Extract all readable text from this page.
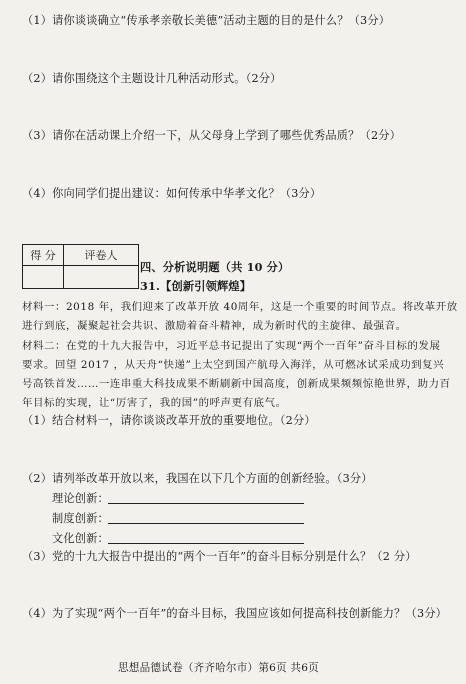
（1）请你谈谈确立“传承孝亲敬长美德”活动主题的目的是什么？（3分）
（2）请你围绕这个主题设计几种活动形式。（2分）
（3）请你在活动课上介绍一下，从父母身上学到了哪些优秀品质？（2分）
（4）你向同学们提出建议：如何传承中华孝文化？（3分）
得 分	评卷人

四、分析说明题（共 10 分）
31.【创新引领辉煌】
材料一：2018 年，我们迎来了改革开放 40周年，这是一个重要的时间节点。将改革开放
进行到底，凝聚起社会共识、激励着奋斗精神，成为新时代的主旋律、最强音。
材料二：在党的十九大报告中，习近平总书记提出了实现“两个一百年”奋斗目标的发展
要求。回望 2017 ，从天舟“快递”上太空到国产航母入海洋，从可燃冰试采成功到复兴
号高铁首发……一连串重大科技成果不断刷新中国高度，创新成果频频惊艳世界，助力百
年目标的实现，让“厉害了，我的国”的呼声更有底气。
（1）结合材料一，请你谈谈改革开放的重要地位。（2分）
（2）请列举改革开放以来，我国在以下几个方面的创新经验。（3分）
理论创新：
制度创新：
文化创新：
（3）党的十九大报告中提出的“两个一百年”的奋斗目标分别是什么？（2 分）
（4）为了实现“两个一百年”的奋斗目标，我国应该如何提高科技创新能力？（3分）
思想品德试卷（齐齐哈尔市）第6页 共6页
